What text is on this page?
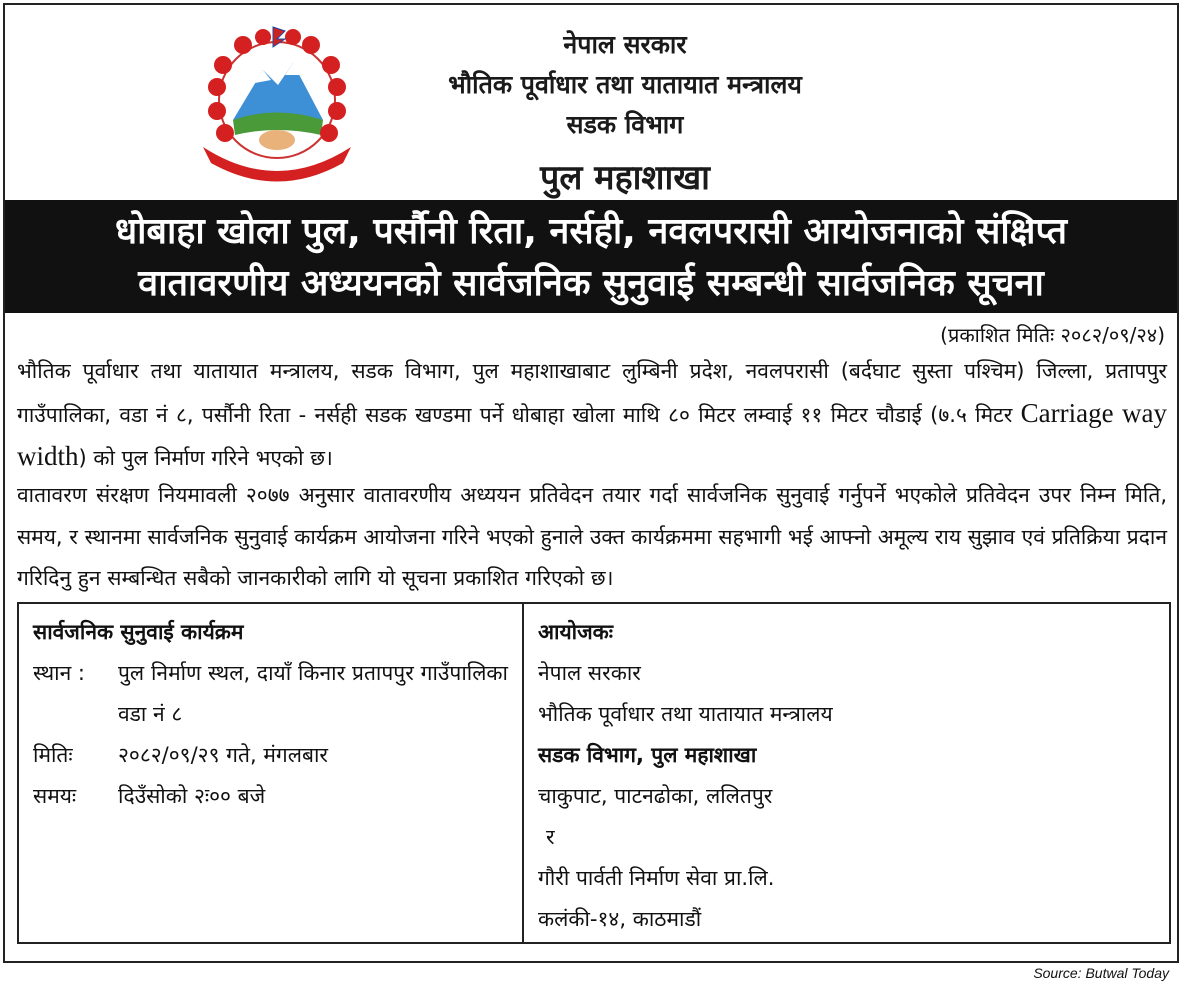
नेपाल सरकार
भौतिक पूर्वाधार तथा यातायात मन्त्रालय
सडक विभाग
पुल महाशाखा
धोबाहा खोला पुल, पर्सौनी रिता, नर्सही, नवलपरासी आयोजनाको संक्षिप्त
वातावरणीय अध्ययनको सार्वजनिक सुनुवाई सम्बन्धी सार्वजनिक सूचना
(प्रकाशित मितिः २०८२/०९/२४)
भौतिक पूर्वाधार तथा यातायात मन्त्रालय, सडक विभाग, पुल महाशाखाबाट लुम्बिनी प्रदेश, नवलपरासी (बर्दघाट सुस्ता पश्चिम) जिल्ला, प्रतापपुर गाउँपालिका, वडा नं ८, पर्सौनी रिता - नर्सही सडक खण्डमा पर्ने धोबाहा खोला माथि ८० मिटर लम्वाई ११ मिटर चौडाई (७.५ मिटर Carriage way width) को पुल निर्माण गरिने भएको छ।
वातावरण संरक्षण नियमावली २०७७ अनुसार वातावरणीय अध्ययन प्रतिवेदन तयार गर्दा सार्वजनिक सुनुवाई गर्नुपर्ने भएकोले प्रतिवेदन उपर निम्न मिति, समय, र स्थानमा सार्वजनिक सुनुवाई कार्यक्रम आयोजना गरिने भएको हुनाले उक्त कार्यक्रममा सहभागी भई आफ्नो अमूल्य राय सुझाव एवं प्रतिक्रिया प्रदान गरिदिनु हुन सम्बन्धित सबैको जानकारीको लागि यो सूचना प्रकाशित गरिएको छ।
सार्वजनिक सुनुवाई कार्यक्रम
स्थान :	पुल निर्माण स्थल, दायाँ किनार प्रतापपुर गाउँपालिका वडा नं ८
मितिः	२०८२/०९/२९ गते, मंगलबार
समयः	दिउँसोको २ः०० बजे
आयोजकः
नेपाल सरकार
भौतिक पूर्वाधार तथा यातायात मन्त्रालय
सडक विभाग, पुल महाशाखा
चाकुपाट, पाटनढोका, ललितपुर
र
गौरी पार्वती निर्माण सेवा प्रा.लि.
कलंकी-१४, काठमाडौं
Source: Butwal Today
